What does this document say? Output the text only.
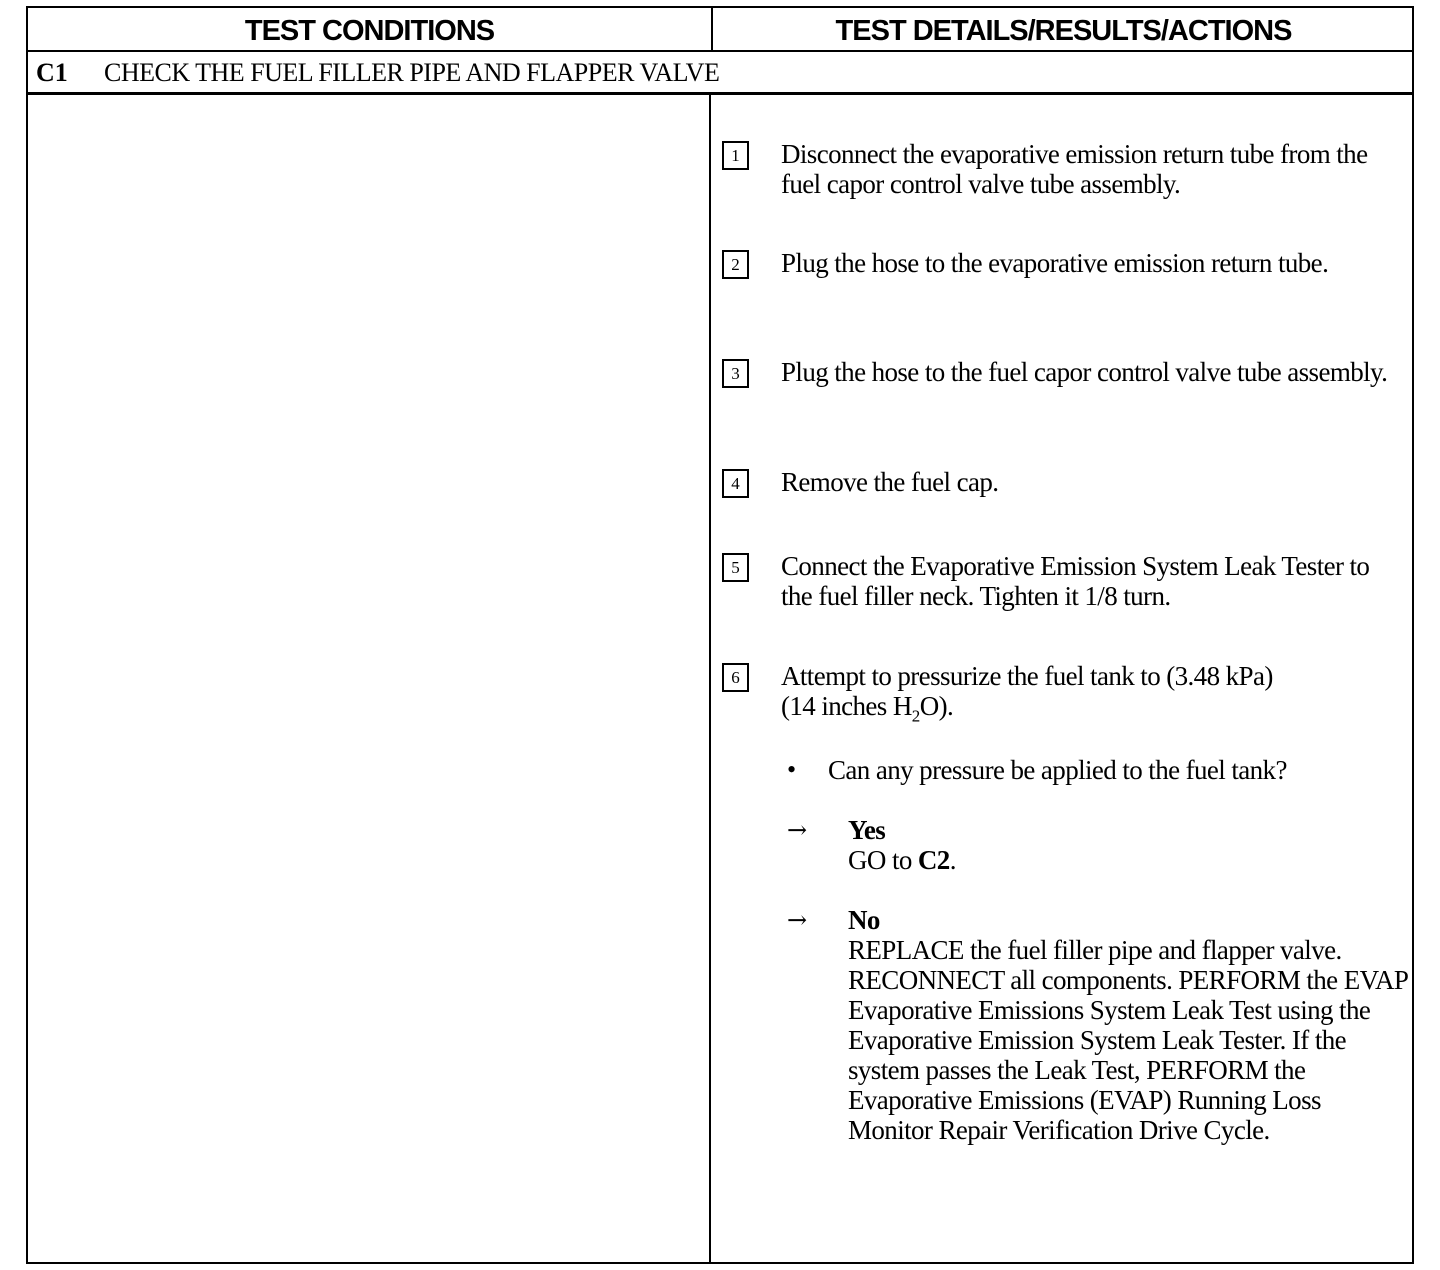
TEST CONDITIONS	TEST DETAILS/RESULTS/ACTIONS
C1 CHECK THE FUEL FILLER PIPE AND FLAPPER VALVE
1	Disconnect the evaporative emission return tube from the fuel capor control valve tube assembly.
2	Plug the hose to the evaporative emission return tube.
3	Plug the hose to the fuel capor control valve tube assembly.
4	Remove the fuel cap.
5	Connect the Evaporative Emission System Leak Tester to the fuel filler neck. Tighten it 1/8 turn.
6	Attempt to pressurize the fuel tank to (3.48 kPa)
(14 inches $H_2O$).
• Can any pressure be applied to the fuel tank?
→ Yes
GO to C2.
→ No
REPLACE the fuel filler pipe and flapper valve. RECONNECT all components. PERFORM the EVAP Evaporative Emissions System Leak Test using the Evaporative Emission System Leak Tester. If the system passes the Leak Test, PERFORM the Evaporative Emissions (EVAP) Running Loss Monitor Repair Verification Drive Cycle.
